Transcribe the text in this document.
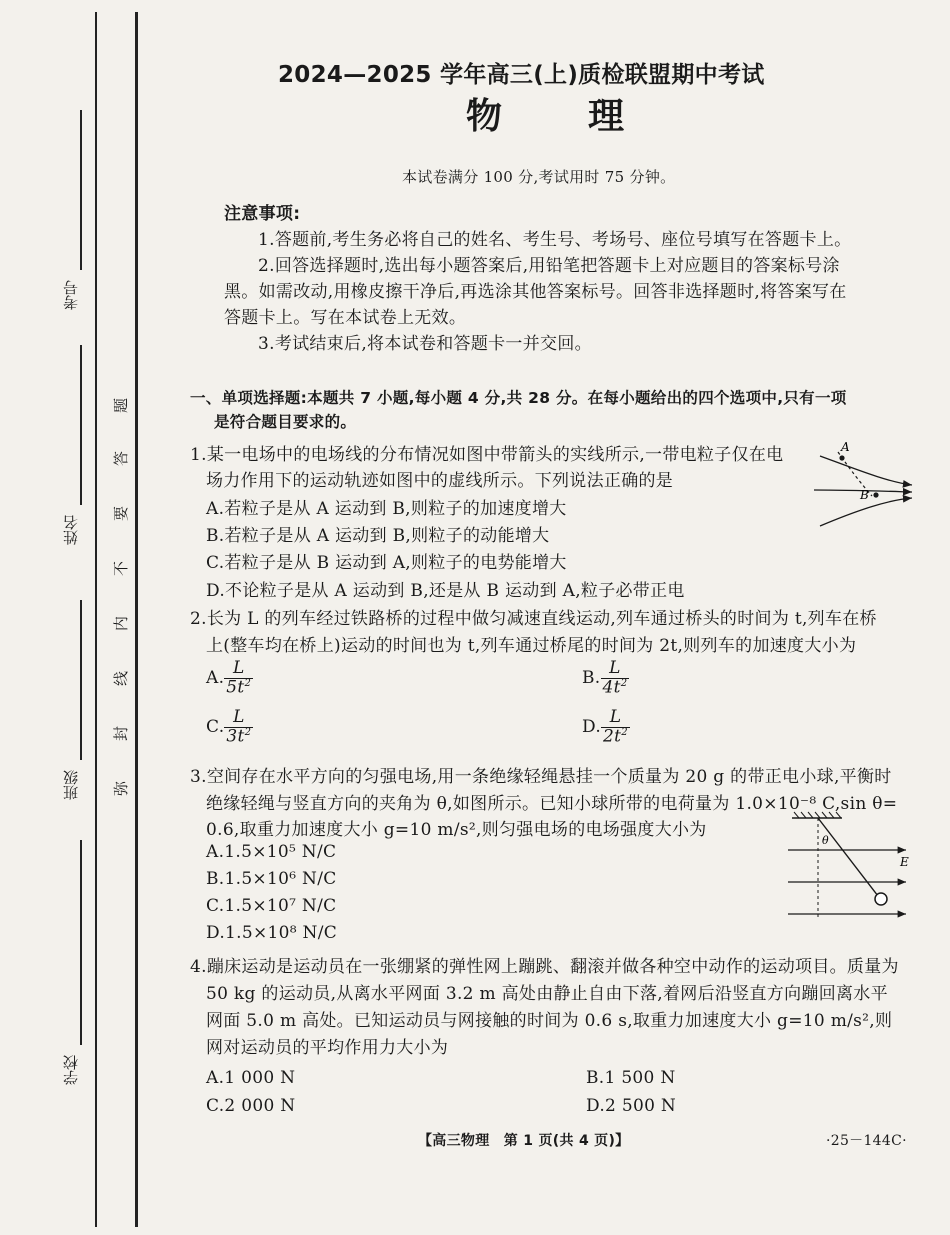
考号
姓名
班级
学校
题
答
要
不
内
线
封
弥
2024—2025 学年高三(上)质检联盟期中考试
物 理
本试卷满分 100 分,考试用时 75 分钟。
注意事项:
1.答题前,考生务必将自己的姓名、考生号、考场号、座位号填写在答题卡上。
2.回答选择题时,选出每小题答案后,用铅笔把答题卡上对应题目的答案标号涂
黑。如需改动,用橡皮擦干净后,再选涂其他答案标号。回答非选择题时,将答案写在
答题卡上。写在本试卷上无效。
3.考试结束后,将本试卷和答题卡一并交回。
一、单项选择题:本题共 7 小题,每小题 4 分,共 28 分。在每小题给出的四个选项中,只有一项
是符合题目要求的。
1.某一电场中的电场线的分布情况如图中带箭头的实线所示,一带电粒子仅在电
场力作用下的运动轨迹如图中的虚线所示。下列说法正确的是
A.若粒子是从 A 运动到 B,则粒子的加速度增大
B.若粒子是从 A 运动到 B,则粒子的动能增大
C.若粒子是从 B 运动到 A,则粒子的电势能增大
D.不论粒子是从 A 运动到 B,还是从 B 运动到 A,粒子必带正电
A
B
2.长为 L 的列车经过铁路桥的过程中做匀减速直线运动,列车通过桥头的时间为 t,列车在桥
上(整车均在桥上)运动的时间也为 t,列车通过桥尾的时间为 2t,则列车的加速度大小为
A. $\frac{L}{5t^2}$	B. $\frac{L}{4t^2}$
C. $\frac{L}{3t^2}$	D. $\frac{L}{2t^2}$
3.空间存在水平方向的匀强电场,用一条绝缘轻绳悬挂一个质量为 20 g 的带正电小球,平衡时
绝缘轻绳与竖直方向的夹角为 θ,如图所示。已知小球所带的电荷量为 1.0×10⁻⁸ C,sin θ=
0.6,取重力加速度大小 g=10 m/s²,则匀强电场的电场强度大小为
A.1.5×10⁵ N/C
B.1.5×10⁶ N/C
C.1.5×10⁷ N/C
D.1.5×10⁸ N/C
θ
E
4.蹦床运动是运动员在一张绷紧的弹性网上蹦跳、翻滚并做各种空中动作的运动项目。质量为
50 kg 的运动员,从离水平网面 3.2 m 高处由静止自由下落,着网后沿竖直方向蹦回离水平
网面 5.0 m 高处。已知运动员与网接触的时间为 0.6 s,取重力加速度大小 g=10 m/s²,则
网对运动员的平均作用力大小为
A.1 000 N	B.1 500 N
C.2 000 N	D.2 500 N
【高三物理　第 1 页(共 4 页)】	·25－144C·
